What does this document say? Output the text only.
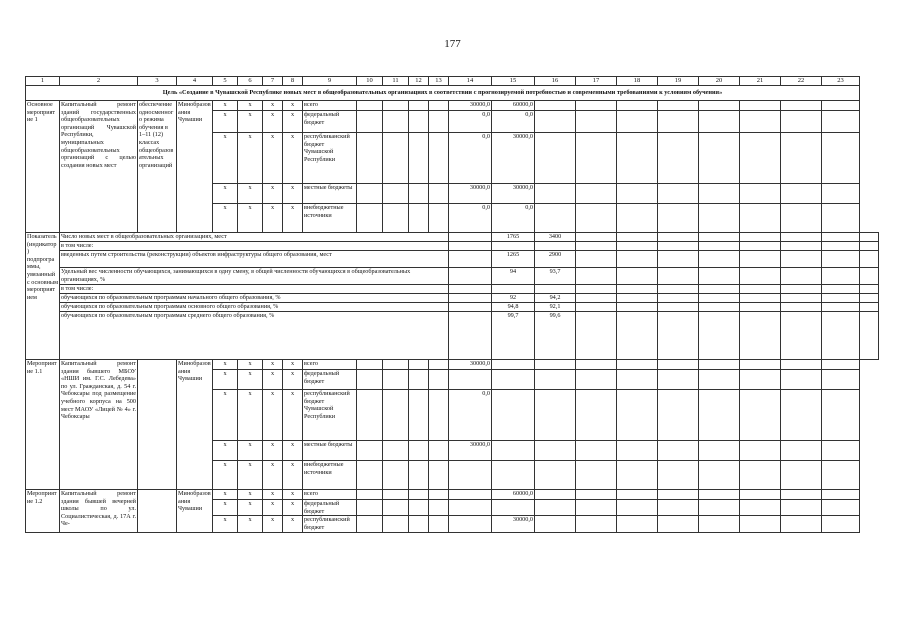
177
1	2	3	4	5	6	7	8	9	10	11	12	13	14	15	16	17	18	19	20	21	22	23	
Цель «Создание в Чувашской Республике новых мест в общеобразовательных организациях в соответствии с прогнозируемой потребностью и современными требованиями к условиям обучения»																							
Основное мероприятие 1	Капитальный ремонт зданий государственных общеобразовательных организаций Чувашской Республики, муниципальных общеобразовательных организаций с целью создания новых мест	обеспечение односменного режима обучения в 1–11 (12) классах общеобразовательных организаций	Минобразования Чувашии	x	x	x	x	всего					30000,0	60000,0									
				x	x	x	x	федеральный бюджет					0,0	0,0									
				x	x	x	x	республиканский бюджет Чувашской Республики					0,0	30000,0									
				x	x	x	x	местные бюджеты					30000,0	30000,0									
				x	x	x	x	внебюджетные источники					0,0	0,0									
Показатель (индикатор) подпрограммы, увязанный с основным мероприятием	Число новых мест в общеобразовательных организациях, мест													1765	3400								
	в том числе:																						
	введенных путем строительства (реконструкции) объектов инфраструктуры общего образования, мест													1265	2900								
	Удельный вес численности обучающихся, занимающихся в одну смену, в общей численности обучающихся в общеобразовательных организациях, %													94	93,7								
	в том числе:																						
	обучающихся по образовательным программам начального общего образования, %													92	94,2								
	обучающихся по образовательным программам основного общего образования, %													94,8	92,1								
	обучающихся по образовательным программам среднего общего образования, %													99,7	99,6								
Мероприятие 1.1	Капитальный ремонт здания бывшего МБОУ «НШИ им. Г.С. Лебедева» по ул. Гражданская, д. 54 г. Чебоксары под размещение учебного корпуса на 500 мест МАОУ «Лицей № 4» г. Чебоксары		Минобразования Чувашии	x	x	x	x	всего					30000,0										
				x	x	x	x	федеральный бюджет															
				x	x	x	x	республиканский бюджет Чувашской Республики					0,0										
				x	x	x	x	местные бюджеты					30000,0										
				x	x	x	x	внебюджетные источники															
Мероприятие 1.2	Капитальный ремонт здания бывшей вечерней школы по ул. Социалистическая, д. 17А г. Че-		Минобразования Чувашии	x	x	x	x	всего						60000,0									
				x	x	x	x	федеральный бюджет															
				x	x	x	x	республиканский бюджет						30000,0									
